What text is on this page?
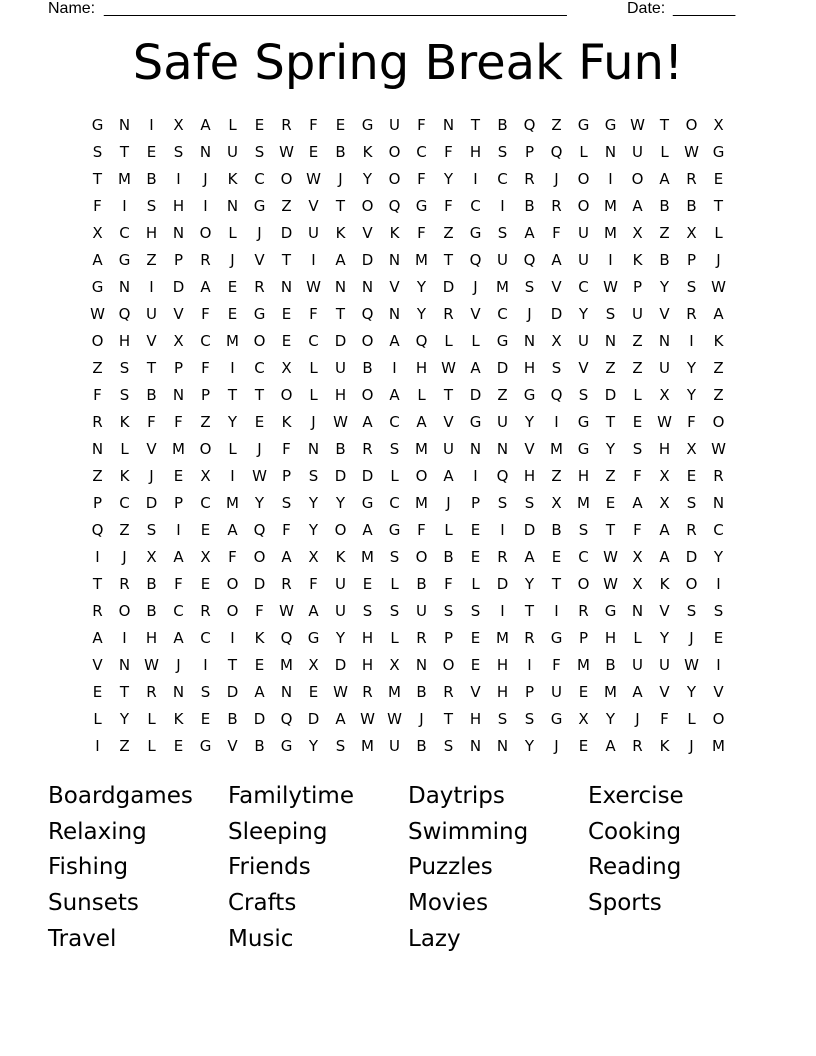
Name: ____________________________________________________	Date: _______
Safe Spring Break Fun!
G	N	I	X	A	L	E	R	F	E	G	U	F	N	T	B	Q	Z	G	G W T	O	X
S	T	E	S	N	U	S W E	B	K	O	C	F	H	S	P	Q	L	N	U	L	W G
T	M	B	I	J	K	C	O W	J	Y	O	F	Y	I	C	R	J	O	I	O	A	R	E
F	I	S	H	I	N	G	Z	V	T	O	Q	G	F	C	I	B	R	O M	A	B	B	T
X	C	H	N	O	L	J	D	U	K	V	K	F	Z	G	S	A	F	U	M	X	Z	X	L
A	G	Z	P	R	J	V	T	I	A	D	N M	T	Q	U	Q	A	U	I	K	B	P	J
G	N	I	D	A	E	R	N W N	N	V	Y	D	J	M	S	V	C W	P	Y	S W
W Q	U	V	F	E	G	E	F	T	Q	N	Y	R	V	C	J	D	Y	S	U	V	R	A
O	H	V	X	C	M O	E	C	D	O	A	Q	L	L	G	N	X	U	N	Z	N	I	K
Z	S	T	P	F	I	C	X	L	U	B	I	H W A	D	H	S	V	Z	Z	U	Y	Z
F	S	B	N	P	T	T	O	L	H	O	A	L	T	D	Z	G	Q	S	D	L	X	Y	Z
R	K	F	F	Z	Y	E	K	J	W A	C	A	V	G	U	Y	I	G	T	E W	F	O
N	L	V	M O	L	J	F	N	B	R	S	M	U	N	N	V	M G	Y	S	H	X W
Z	K	J	E	X	I	W	P	S	D	D	L	O	A	I	Q	H	Z	H	Z	F	X	E	R
P	C	D	P	C	M	Y	S	Y	Y	G	C	M	J	P	S	S	X	M	E	A	X	S	N
Q	Z	S	I	E	A	Q	F	Y	O	A	G	F	L	E	I	D	B	S	T	F	A	R	C
I	J	X	A	X	F	O	A	X	K	M	S	O	B	E	R	A	E	C W X	A	D	Y
T	R	B	F	E	O	D	R	F	U	E	L	B	F	L	D	Y	T	O W X	K	O	I
R	O	B	C	R	O	F	W A	U	S	S	U	S	S	I	T	I	R	G	N	V	S	S
A	I	H	A	C	I	K	Q	G	Y	H	L	R	P	E	M	R	G	P	H	L	Y	J	E
V	N W	J	I	T	E	M	X	D	H	X	N	O	E	H	I	F	M	B	U	U W	I
E	T	R	N	S	D	A	N	E W R	M	B	R	V	H	P	U	E	M	A	V	Y	V
L	Y	L	K	E	B	D	Q	D	A W W	J	T	H	S	S	G	X	Y	J	F	L	O
I	Z	L	E	G	V	B	G	Y	S	M	U	B	S	N	N	Y	J	E	A	R	K	J	M
Boardgames	Familytime	Daytrips	Exercise
Relaxing	Sleeping	Swimming	Cooking
Fishing	Friends	Puzzles	Reading
Sunsets	Crafts	Movies	Sports
Travel	Music	Lazy
